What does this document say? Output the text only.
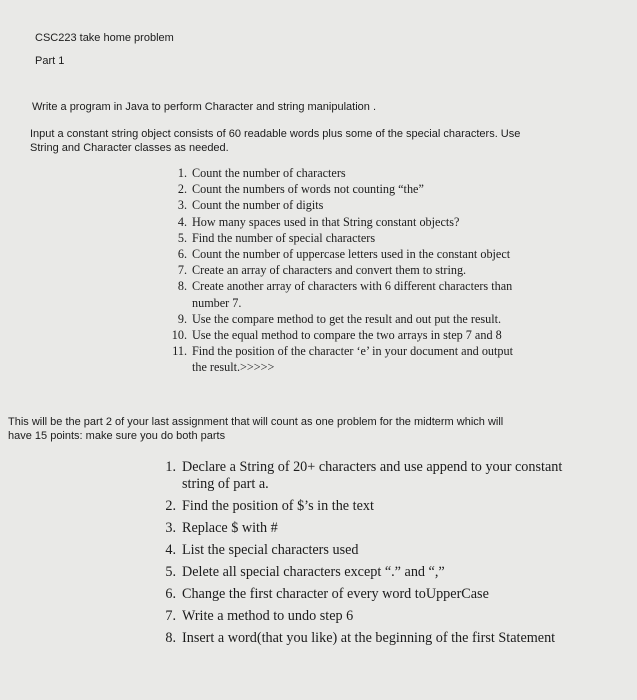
CSC223 take home problem
Part 1
Write a program in Java to perform Character and string manipulation .
Input a constant string object consists of 60 readable words plus some of the special characters. Use
String and Character classes as needed.
1. Count the number of characters
2. Count the numbers of words not counting “the”
3. Count the number of digits
4. How many spaces used in that String constant objects?
5. Find the number of special characters
6. Count the number of uppercase letters used in the constant object
7. Create an array of characters and convert them to string.
8. Create another array of characters with 6 different characters than
number 7.
9. Use the compare method to get the result and out put the result.
10. Use the equal method to compare the two arrays in step 7 and 8
11. Find the position of the character ‘e’ in your document and output
the result.>>>>>
This will be the part 2 of your last assignment that will count as one problem for the midterm which will
have 15 points: make sure you do both parts
1. Declare a String of 20+ characters and use append to your constant
string of part a.
2. Find the position of $’s in the text
3. Replace $ with #
4. List the special characters used
5. Delete all special characters except “.” and “,”
6. Change the first character of every word toUpperCase
7. Write a method to undo step 6
8. Insert a word(that you like) at the beginning of the first Statement
